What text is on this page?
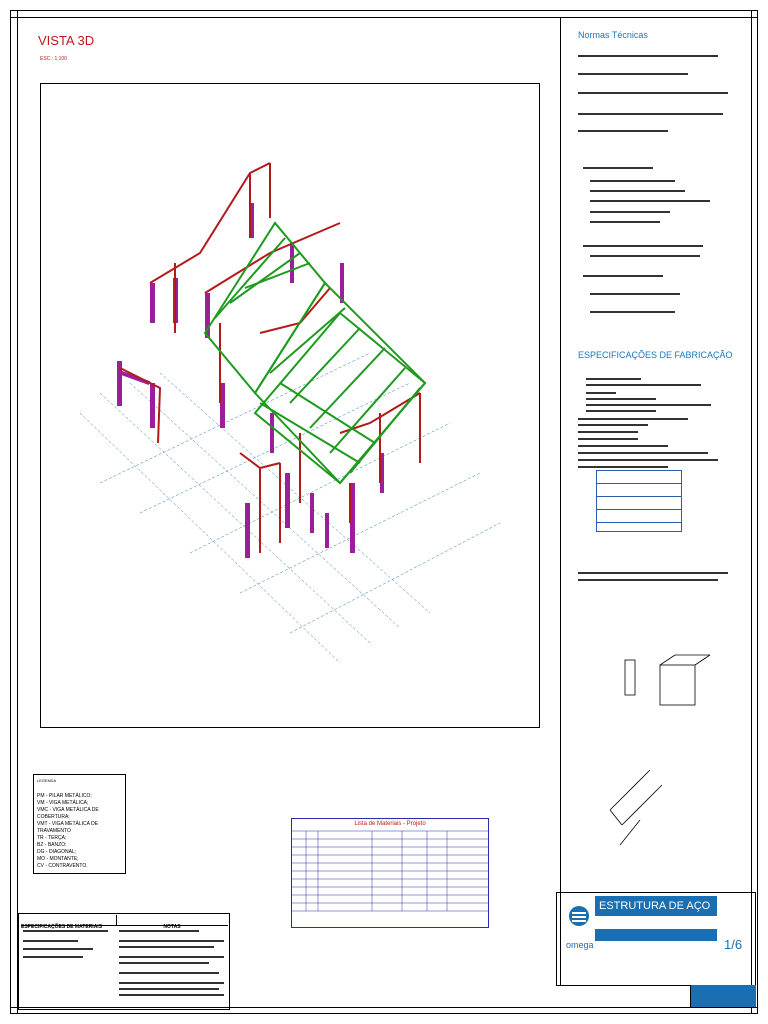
VISTA 3D
ESC.: 1:100
LEGENDA
PM - PILAR METÁLICO;
VM - VIGA METÁLICA;
VMC - VIGA METÁLICA DE COBERTURA;
VMT - VIGA METÁLICA DE TRAVAMENTO
TR - TERÇA;
BZ - BANZO;
DG - DIAGONAL;
MO - MONTANTE;
CV - CONTRAVENTO.
Normas Técnicas
ESPECIFICAÇÕES DE FABRICAÇÃO
Lista de Materiais - Projeto
ESPECIFICAÇÕES DE MATERIAIS	NOTAS
omega
ESTRUTURA DE AÇO
1/6
